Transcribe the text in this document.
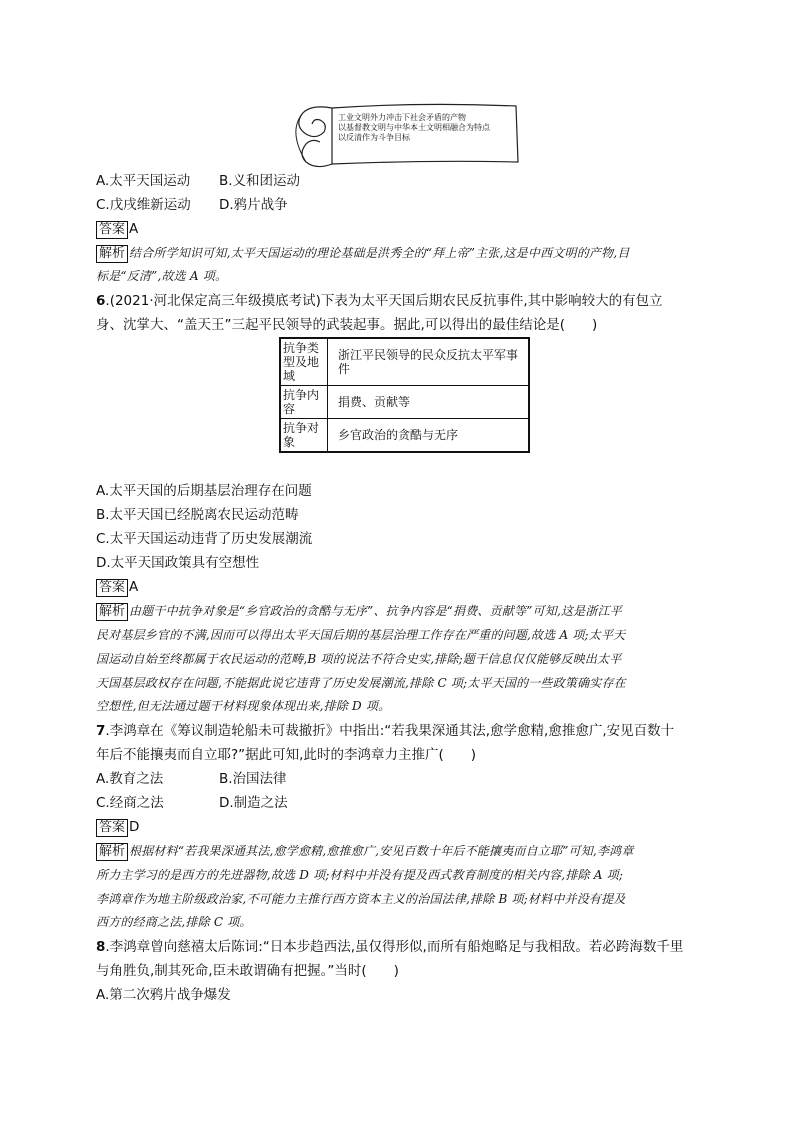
工业文明外力冲击下社会矛盾的产物
以基督教文明与中华本土文明相融合为特点
以反清作为斗争目标
A.太平天国运动 B.义和团运动
C.戊戌维新运动 D.鸦片战争
答案 A
解析 结合所学知识可知,太平天国运动的理论基础是洪秀全的“拜上帝”主张,这是中西文明的产物,目
标是“反清”,故选 A 项。
6.(2021·河北保定高三年级摸底考试)下表为太平天国后期农民反抗事件,其中影响较大的有包立
身、沈掌大、“盖天王”三起平民领导的武装起事。据此,可以得出的最佳结论是(　　)
抗争类型及地域	浙江平民领导的民众反抗太平军事件
抗争内容	捐费、贡献等
抗争对象	乡官政治的贪酷与无序
A.太平天国的后期基层治理存在问题
B.太平天国已经脱离农民运动范畴
C.太平天国运动违背了历史发展潮流
D.太平天国政策具有空想性
答案 A
解析 由题干中抗争对象是“乡官政治的贪酷与无序”、抗争内容是“捐费、贡献等”可知,这是浙江平
民对基层乡官的不满,因而可以得出太平天国后期的基层治理工作存在严重的问题,故选 A 项;太平天
国运动自始至终都属于农民运动的范畴,B 项的说法不符合史实,排除;题干信息仅仅能够反映出太平
天国基层政权存在问题,不能据此说它违背了历史发展潮流,排除 C 项;太平天国的一些政策确实存在
空想性,但无法通过题干材料现象体现出来,排除 D 项。
7.李鸿章在《筹议制造轮船未可裁撤折》中指出:“若我果深通其法,愈学愈精,愈推愈广,安见百数十
年后不能攘夷而自立耶?”据此可知,此时的李鸿章力主推广(　　)
A.教育之法	B.治国法律
C.经商之法	D.制造之法
答案 D
解析 根据材料“若我果深通其法,愈学愈精,愈推愈广,安见百数十年后不能攘夷而自立耶”可知,李鸿章
所力主学习的是西方的先进器物,故选 D 项;材料中并没有提及西式教育制度的相关内容,排除 A 项;
李鸿章作为地主阶级政治家,不可能力主推行西方资本主义的治国法律,排除 B 项;材料中并没有提及
西方的经商之法,排除 C 项。
8.李鸿章曾向慈禧太后陈词:“日本步趋西法,虽仅得形似,而所有船炮略足与我相敌。若必跨海数千里
与角胜负,制其死命,臣未敢谓确有把握。”当时(　　)
A.第二次鸦片战争爆发
